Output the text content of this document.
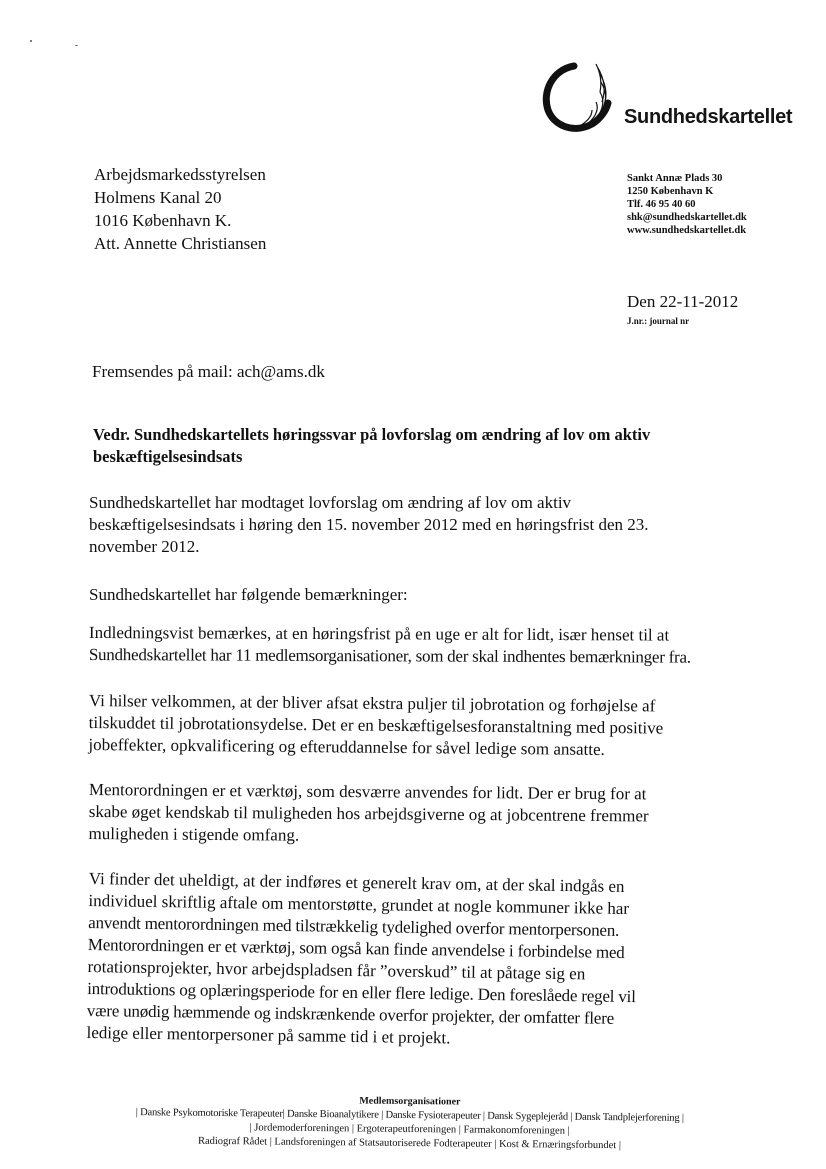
Sundhedskartellet
Arbejdsmarkedsstyrelsen
Holmens Kanal 20
1016 København K.
Att. Annette Christiansen
Sankt Annæ Plads 30
1250 København K
Tlf. 46 95 40 60
shk@sundhedskartellet.dk
www.sundhedskartellet.dk
Den 22-11-2012
J.nr.: journal nr
Fremsendes på mail: ach@ams.dk
Vedr. Sundhedskartellets høringssvar på lovforslag om ændring af lov om aktiv
beskæftigelsesindsats
Sundhedskartellet har modtaget lovforslag om ændring af lov om aktiv
beskæftigelsesindsats i høring den 15. november 2012 med en høringsfrist den 23.
november 2012.
Sundhedskartellet har følgende bemærkninger:
Indledningsvist bemærkes, at en høringsfrist på en uge er alt for lidt, især henset til at
Sundhedskartellet har 11 medlemsorganisationer, som der skal indhentes bemærkninger fra.
Vi hilser velkommen, at der bliver afsat ekstra puljer til jobrotation og forhøjelse af
tilskuddet til jobrotationsydelse. Det er en beskæftigelsesforanstaltning med positive
jobeffekter, opkvalificering og efteruddannelse for såvel ledige som ansatte.
Mentorordningen er et værktøj, som desværre anvendes for lidt. Der er brug for at
skabe øget kendskab til muligheden hos arbejdsgiverne og at jobcentrene fremmer
muligheden i stigende omfang.
Vi finder det uheldigt, at der indføres et generelt krav om, at der skal indgås en
individuel skriftlig aftale om mentorstøtte, grundet at nogle kommuner ikke har
anvendt mentorordningen med tilstrækkelig tydelighed overfor mentorpersonen.
Mentorordningen er et værktøj, som også kan finde anvendelse i forbindelse med
rotationsprojekter, hvor arbejdspladsen får ”overskud” til at påtage sig en
introduktions og oplæringsperiode for en eller flere ledige. Den foreslåede regel vil
være unødig hæmmende og indskrænkende overfor projekter, der omfatter flere
ledige eller mentorpersoner på samme tid i et projekt.
Medlemsorganisationer
| Danske Psykomotoriske Terapeuter| Danske Bioanalytikere | Danske Fysioterapeuter | Dansk Sygeplejeråd | Dansk Tandplejerforening |
| Jordemoderforeningen | Ergoterapeutforeningen | Farmakonomforeningen |
Radiograf Rådet | Landsforeningen af Statsautoriserede Fodterapeuter | Kost & Ernæringsforbundet |
